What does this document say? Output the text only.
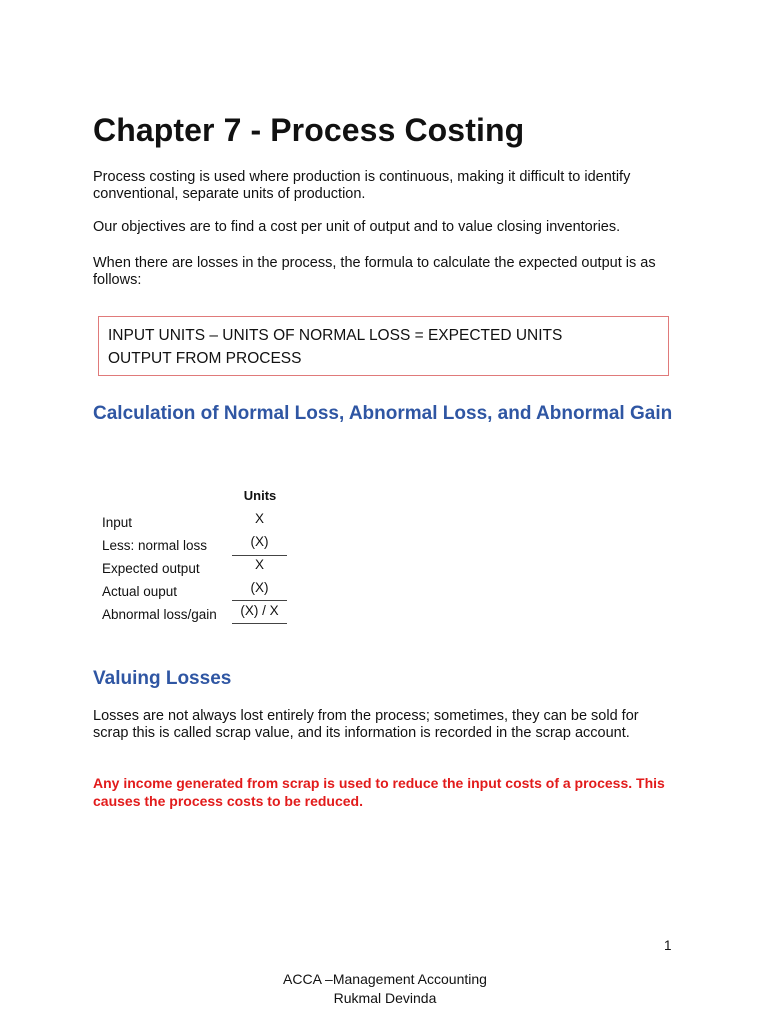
Chapter 7 - Process Costing

Process costing is used where production is continuous, making it difficult to identify conventional, separate units of production.

Our objectives are to find a cost per unit of output and to value closing inventories.

When there are losses in the process, the formula to calculate the expected output is as follows:

INPUT UNITS – UNITS OF NORMAL LOSS = EXPECTED UNITS
OUTPUT FROM PROCESS
Calculation of Normal Loss, Abnormal Loss, and Abnormal Gain
Units
Input	X
Less: normal loss	(X)
Expected output	X
Actual ouput	(X)
Abnormal loss/gain	(X) / X
Valuing Losses

Losses are not always lost entirely from the process; sometimes, they can be sold for scrap this is called scrap value, and its information is recorded in the scrap account.

Any income generated from scrap is used to reduce the input costs of a process. This causes the process costs to be reduced.

1
ACCA –Management Accounting
Rukmal Devinda
